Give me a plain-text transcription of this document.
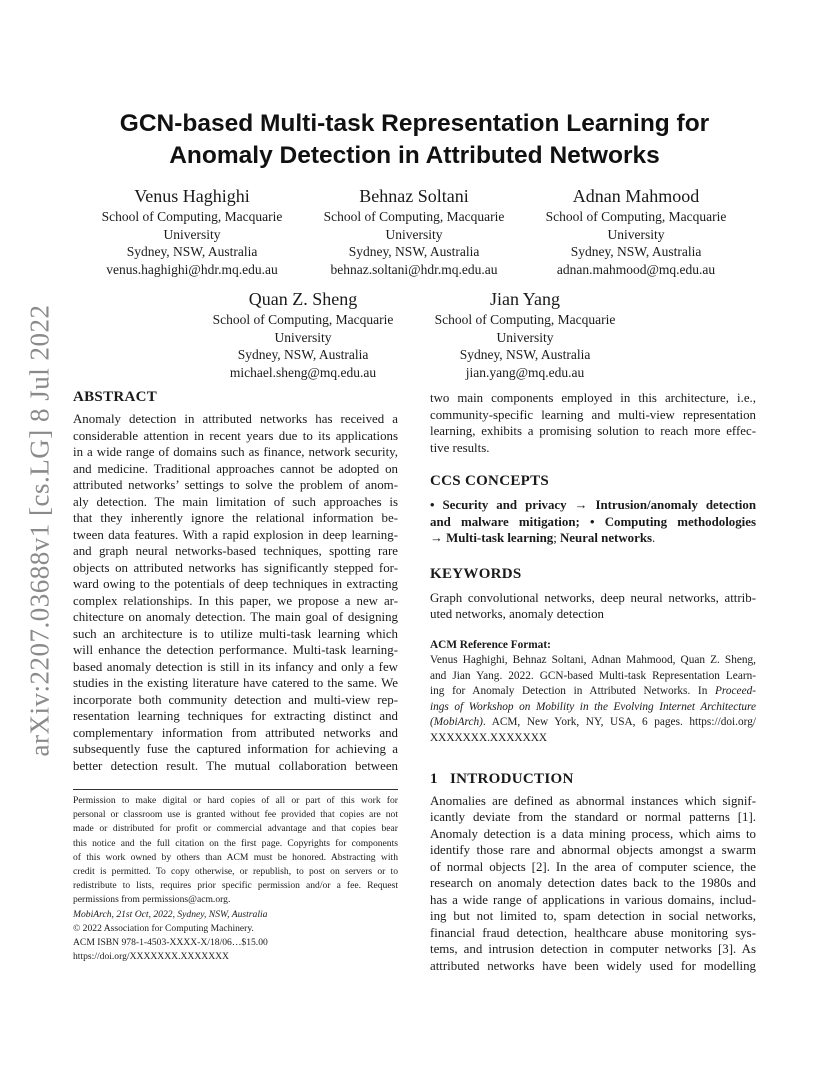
arXiv:2207.03688v1 [cs.LG] 8 Jul 2022
GCN-based Multi-task Representation Learning for
Anomaly Detection in Attributed Networks
Venus Haghighi
School of Computing, Macquarie
University
Sydney, NSW, Australia
venus.haghighi@hdr.mq.edu.au
Behnaz Soltani
School of Computing, Macquarie
University
Sydney, NSW, Australia
behnaz.soltani@hdr.mq.edu.au
Adnan Mahmood
School of Computing, Macquarie
University
Sydney, NSW, Australia
adnan.mahmood@mq.edu.au
Quan Z. Sheng
School of Computing, Macquarie
University
Sydney, NSW, Australia
michael.sheng@mq.edu.au
Jian Yang
School of Computing, Macquarie
University
Sydney, NSW, Australia
jian.yang@mq.edu.au
ABSTRACT
Anomaly detection in attributed networks has received a
considerable attention in recent years due to its applications
in a wide range of domains such as finance, network security,
and medicine. Traditional approaches cannot be adopted on
attributed networks’ settings to solve the problem of anom-
aly detection. The main limitation of such approaches is
that they inherently ignore the relational information be-
tween data features. With a rapid explosion in deep learning-
and graph neural networks-based techniques, spotting rare
objects on attributed networks has significantly stepped for-
ward owing to the potentials of deep techniques in extracting
complex relationships. In this paper, we propose a new ar-
chitecture on anomaly detection. The main goal of designing
such an architecture is to utilize multi-task learning which
will enhance the detection performance. Multi-task learning-
based anomaly detection is still in its infancy and only a few
studies in the existing literature have catered to the same. We
incorporate both community detection and multi-view rep-
resentation learning techniques for extracting distinct and
complementary information from attributed networks and
subsequently fuse the captured information for achieving a
better detection result. The mutual collaboration between
Permission to make digital or hard copies of all or part of this work for
personal or classroom use is granted without fee provided that copies are not
made or distributed for profit or commercial advantage and that copies bear
this notice and the full citation on the first page. Copyrights for components
of this work owned by others than ACM must be honored. Abstracting with
credit is permitted. To copy otherwise, or republish, to post on servers or to
redistribute to lists, requires prior specific permission and/or a fee. Request
permissions from permissions@acm.org.
MobiArch, 21st Oct, 2022, Sydney, NSW, Australia
© 2022 Association for Computing Machinery.
ACM ISBN 978-1-4503-XXXX-X/18/06…$15.00
https://doi.org/XXXXXXX.XXXXXXX
two main components employed in this architecture, i.e.,
community-specific learning and multi-view representation
learning, exhibits a promising solution to reach more effec-
tive results.
CCS CONCEPTS
• Security and privacy → Intrusion/anomaly detection
and malware mitigation; • Computing methodologies
→ Multi-task learning; Neural networks.
KEYWORDS
Graph convolutional networks, deep neural networks, attrib-
uted networks, anomaly detection
ACM Reference Format:
Venus Haghighi, Behnaz Soltani, Adnan Mahmood, Quan Z. Sheng,
and Jian Yang. 2022. GCN-based Multi-task Representation Learn-
ing for Anomaly Detection in Attributed Networks. In Proceed-
ings of Workshop on Mobility in the Evolving Internet Architecture
(MobiArch). ACM, New York, NY, USA, 6 pages. https://doi.org/
XXXXXXX.XXXXXXX
1 INTRODUCTION
Anomalies are defined as abnormal instances which signif-
icantly deviate from the standard or normal patterns [1].
Anomaly detection is a data mining process, which aims to
identify those rare and abnormal objects amongst a swarm
of normal objects [2]. In the area of computer science, the
research on anomaly detection dates back to the 1980s and
has a wide range of applications in various domains, includ-
ing but not limited to, spam detection in social networks,
financial fraud detection, healthcare abuse monitoring sys-
tems, and intrusion detection in computer networks [3]. As
attributed networks have been widely used for modelling
